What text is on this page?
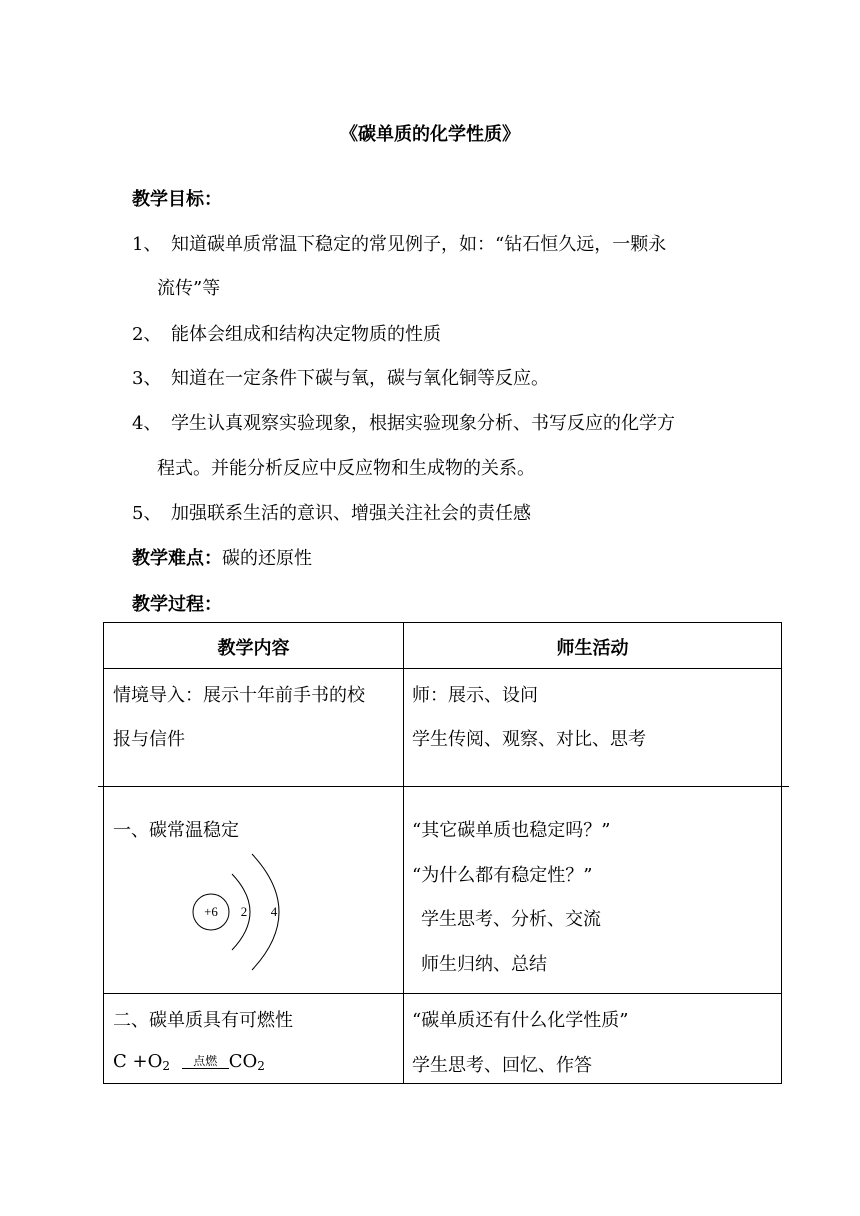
《碳单质的化学性质》
教学目标：
1、 知道碳单质常温下稳定的常见例子，如：“钻石恒久远，一颗永
流传”等
2、 能体会组成和结构决定物质的性质
3、 知道在一定条件下碳与氧，碳与氧化铜等反应。
4、 学生认真观察实验现象，根据实验现象分析、书写反应的化学方
程式。并能分析反应中反应物和生成物的关系。
5、 加强联系生活的意识、增强关注社会的责任感
教学难点：碳的还原性
教学过程：
教学内容	师生活动
情境导入：展示十年前手书的校
报与信件
师：展示、设问
学生传阅、观察、对比、思考
一、碳常温稳定
+6 2 4
“其它碳单质也稳定吗？”
“为什么都有稳定性？”
学生思考、分析、交流
师生归纳、总结
二、碳单质具有可燃性
$C +O_2$ 点燃 $CO_2$
“碳单质还有什么化学性质”
学生思考、回忆、作答
